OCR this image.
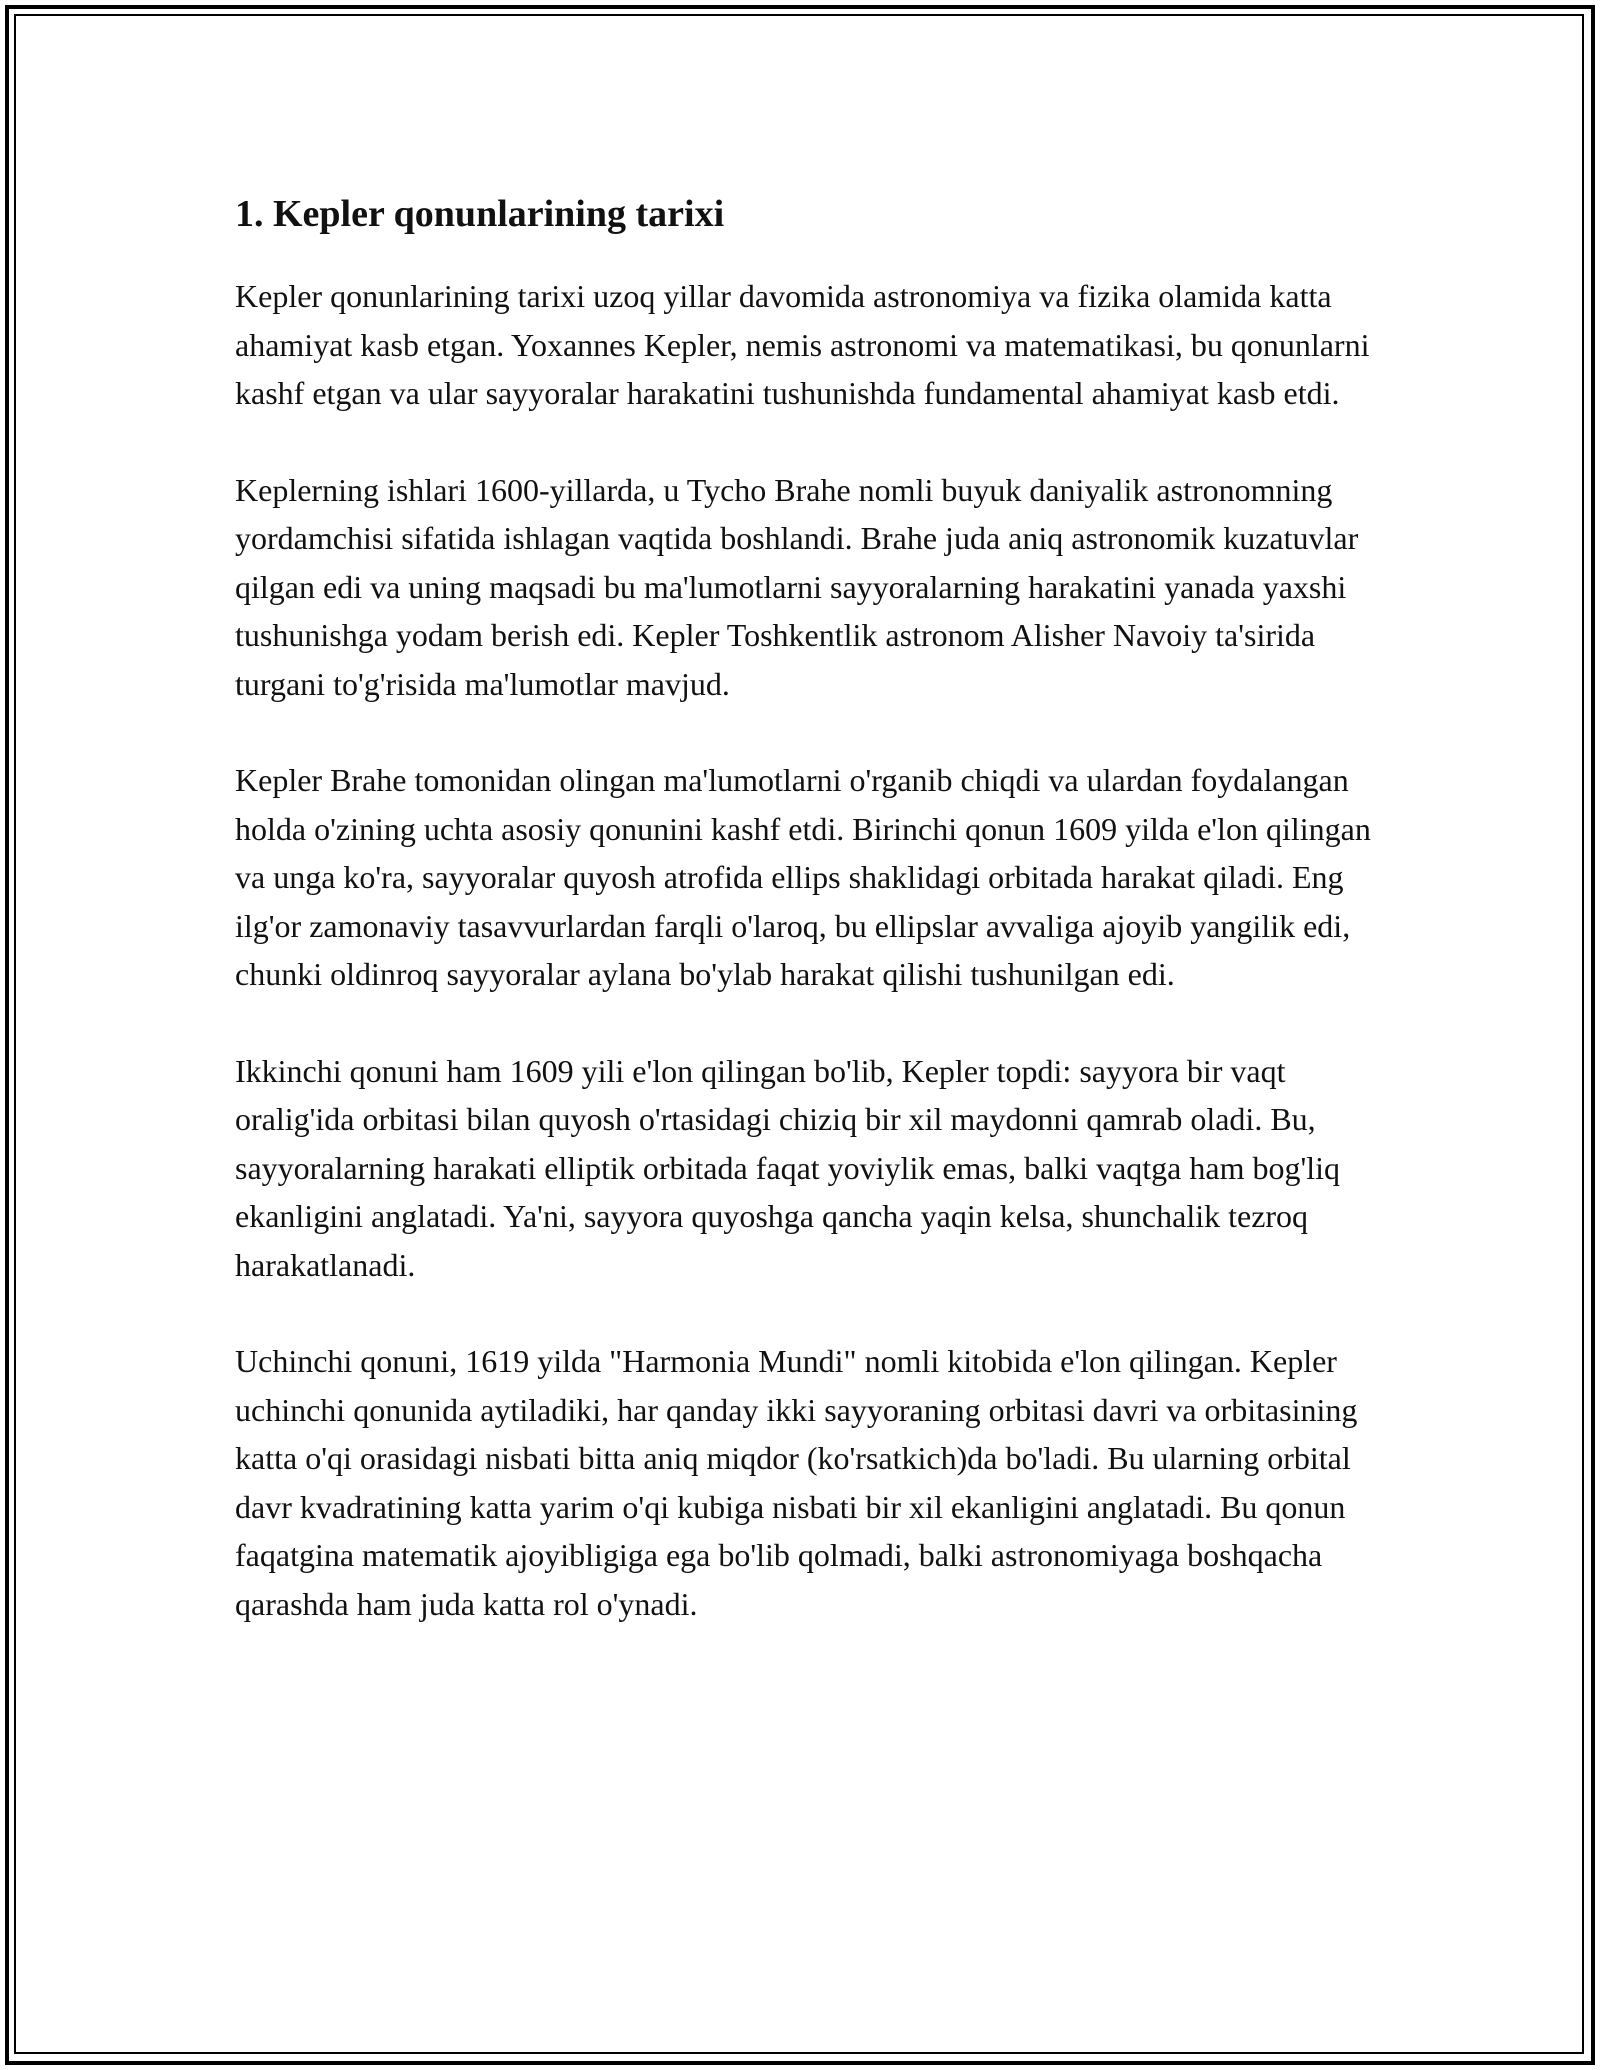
1. Kepler qonunlarining tarixi

Kepler qonunlarining tarixi uzoq yillar davomida astronomiya va fizika olamida katta ahamiyat kasb etgan. Yoxannes Kepler, nemis astronomi va matematikasi, bu qonunlarni kashf etgan va ular sayyoralar harakatini tushunishda fundamental ahamiyat kasb etdi.

Keplerning ishlari 1600-yillarda, u Tycho Brahe nomli buyuk daniyalik astronomning yordamchisi sifatida ishlagan vaqtida boshlandi. Brahe juda aniq astronomik kuzatuvlar qilgan edi va uning maqsadi bu ma'lumotlarni sayyoralarning harakatini yanada yaxshi tushunishga yodam berish edi. Kepler Toshkentlik astronom Alisher Navoiy ta'sirida turgani to'g'risida ma'lumotlar mavjud.

Kepler Brahe tomonidan olingan ma'lumotlarni o'rganib chiqdi va ulardan foydalangan holda o'zining uchta asosiy qonunini kashf etdi. Birinchi qonun 1609 yilda e'lon qilingan va unga ko'ra, sayyoralar quyosh atrofida ellips shaklidagi orbitada harakat qiladi. Eng ilg'or zamonaviy tasavvurlardan farqli o'laroq, bu ellipslar avvaliga ajoyib yangilik edi, chunki oldinroq sayyoralar aylana bo'ylab harakat qilishi tushunilgan edi.

Ikkinchi qonuni ham 1609 yili e'lon qilingan bo'lib, Kepler topdi: sayyora bir vaqt oralig'ida orbitasi bilan quyosh o'rtasidagi chiziq bir xil maydonni qamrab oladi. Bu, sayyoralarning harakati elliptik orbitada faqat yoviylik emas, balki vaqtga ham bog'liq ekanligini anglatadi. Ya'ni, sayyora quyoshga qancha yaqin kelsa, shunchalik tezroq harakatlanadi.

Uchinchi qonuni, 1619 yilda "Harmonia Mundi" nomli kitobida e'lon qilingan. Kepler uchinchi qonunida aytiladiki, har qanday ikki sayyoraning orbitasi davri va orbitasining katta o'qi orasidagi nisbati bitta aniq miqdor (ko'rsatkich)da bo'ladi. Bu ularning orbital davr kvadratining katta yarim o'qi kubiga nisbati bir xil ekanligini anglatadi. Bu qonun faqatgina matematik ajoyibligiga ega bo'lib qolmadi, balki astronomiyaga boshqacha qarashda ham juda katta rol o'ynadi.
